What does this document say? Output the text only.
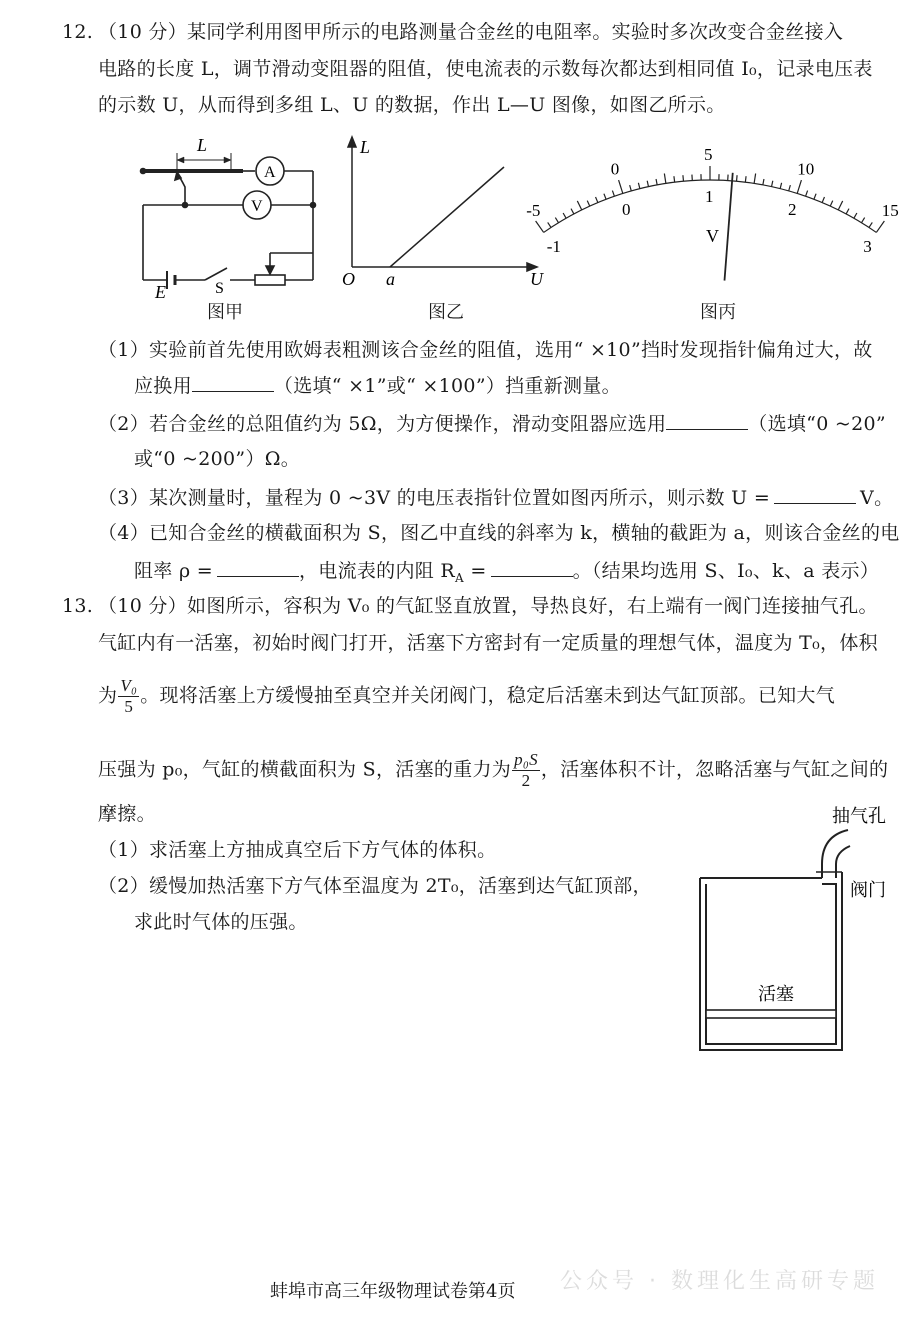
12. （10 分）某同学利用图甲所示的电路测量合金丝的电阻率。实验时多次改变合金丝接入
电路的长度 L，调节滑动变阻器的阻值，使电流表的示数每次都达到相同值 I₀，记录电压表
的示数 U，从而得到多组 L、U 的数据，作出 L—U 图像，如图乙所示。
L
A
V
E	S
图甲
L
O a	U
图乙
-5
-1
0
0
5
1
10
2	15
3
V
图丙
（1）实验前首先使用欧姆表粗测该合金丝的阻值，选用“ ×10”挡时发现指针偏角过大，故
应换用	（选填“ ×1”或“ ×100”）挡重新测量。
（2）若合金丝的总阻值约为 5Ω，为方便操作，滑动变阻器应选用	（选填“0 ~20”
或“0 ~200”）Ω。
（3）某次测量时，量程为 0 ~3V 的电压表指针位置如图丙所示，则示数 U =	V。
（4）已知合金丝的横截面积为 S，图乙中直线的斜率为 k，横轴的截距为 a，则该合金丝的电
阻率 ρ =	，电流表的内阻 $R_A$ =	。（结果均选用 S、I₀、k、a 表示）
13. （10 分）如图所示，容积为 V₀ 的气缸竖直放置，导热良好，右上端有一阀门连接抽气孔。
气缸内有一活塞，初始时阀门打开，活塞下方密封有一定质量的理想气体，温度为 T₀，体积
为 $\frac{\text{V₀}}{5}$ 。现将活塞上方缓慢抽至真空并关闭阀门，稳定后活塞未到达气缸顶部。已知大气
压强为 p₀，气缸的横截面积为 S，活塞的重力为 $\frac{\text{p₀S}}{2}$ ，活塞体积不计，忽略活塞与气缸之间的
摩擦。
（1）求活塞上方抽成真空后下方气体的体积。
（2）缓慢加热活塞下方气体至温度为 2T₀，活塞到达气缸顶部，
求此时气体的压强。
抽气孔
阀门
活塞
公众号 · 数理化生高研专题
蚌埠市高三年级物理试卷第4页
